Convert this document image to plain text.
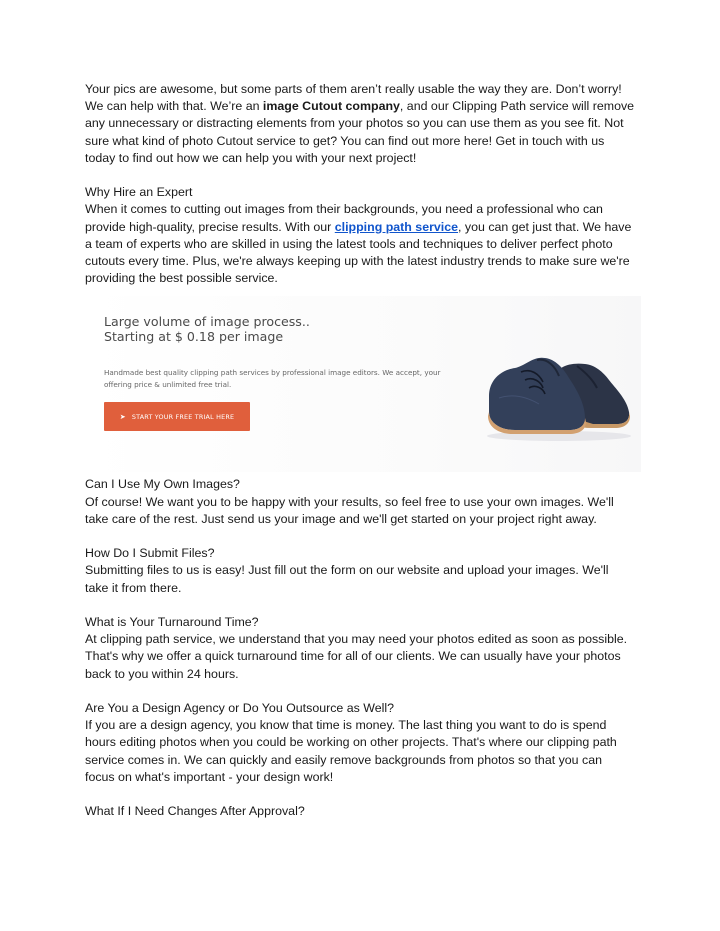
Your pics are awesome, but some parts of them aren’t really usable the way they are. Don’t worry! We can help with that. We’re an image Cutout company, and our Clipping Path service will remove any unnecessary or distracting elements from your photos so you can use them as you see fit. Not sure what kind of photo Cutout service to get? You can find out more here! Get in touch with us today to find out how we can help you with your next project!

Why Hire an Expert

When it comes to cutting out images from their backgrounds, you need a professional who can provide high-quality, precise results. With our clipping path service, you can get just that. We have a team of experts who are skilled in using the latest tools and techniques to deliver perfect photo cutouts every time. Plus, we're always keeping up with the latest industry trends to make sure we're providing the best possible service.

Large volume of image process..
Starting at $ 0.18 per image
Handmade best quality clipping path services by professional image editors. We accept, your offering price & unlimited free trial.
➤ START YOUR FREE TRIAL HERE
Can I Use My Own Images?

Of course! We want you to be happy with your results, so feel free to use your own images. We'll take care of the rest. Just send us your image and we'll get started on your project right away.

How Do I Submit Files?

Submitting files to us is easy! Just fill out the form on our website and upload your images. We'll take it from there.

What is Your Turnaround Time?

At clipping path service, we understand that you may need your photos edited as soon as possible. That's why we offer a quick turnaround time for all of our clients. We can usually have your photos back to you within 24 hours.

Are You a Design Agency or Do You Outsource as Well?

If you are a design agency, you know that time is money. The last thing you want to do is spend hours editing photos when you could be working on other projects. That's where our clipping path service comes in. We can quickly and easily remove backgrounds from photos so that you can focus on what's important - your design work!

What If I Need Changes After Approval?
